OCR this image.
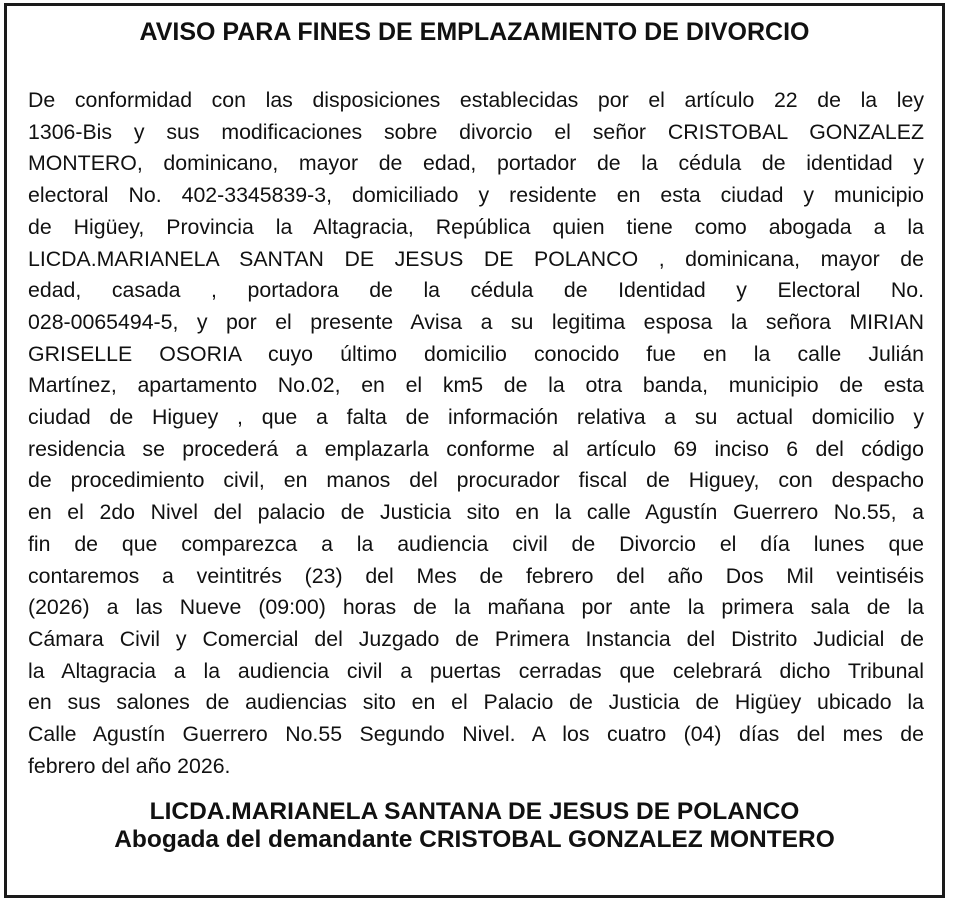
AVISO PARA FINES DE EMPLAZAMIENTO DE DIVORCIO
De conformidad con las disposiciones establecidas por el artículo 22 de la ley
1306-Bis y sus modificaciones sobre divorcio el señor CRISTOBAL GONZALEZ
MONTERO, dominicano, mayor de edad, portador de la cédula de identidad y
electoral No. 402-3345839-3, domiciliado y residente en esta ciudad y municipio
de Higüey, Provincia la Altagracia, República quien tiene como abogada a la
LICDA.MARIANELA SANTAN DE JESUS DE POLANCO , dominicana, mayor de
edad, casada , portadora de la cédula de Identidad y Electoral No.
028-0065494-5, y por el presente Avisa a su legitima esposa la señora MIRIAN
GRISELLE OSORIA cuyo último domicilio conocido fue en la calle Julián
Martínez, apartamento No.02, en el km5 de la otra banda, municipio de esta
ciudad de Higuey , que a falta de información relativa a su actual domicilio y
residencia se procederá a emplazarla conforme al artículo 69 inciso 6 del código
de procedimiento civil, en manos del procurador fiscal de Higuey, con despacho
en el 2do Nivel del palacio de Justicia sito en la calle Agustín Guerrero No.55, a
fin de que comparezca a la audiencia civil de Divorcio el día lunes que
contaremos a veintitrés (23) del Mes de febrero del año Dos Mil veintiséis
(2026) a las Nueve (09:00) horas de la mañana por ante la primera sala de la
Cámara Civil y Comercial del Juzgado de Primera Instancia del Distrito Judicial de
la Altagracia a la audiencia civil a puertas cerradas que celebrará dicho Tribunal
en sus salones de audiencias sito en el Palacio de Justicia de Higüey ubicado la
Calle Agustín Guerrero No.55 Segundo Nivel. A los cuatro (04) días del mes de
febrero del año 2026.
LICDA.MARIANELA SANTANA DE JESUS DE POLANCO
Abogada del demandante CRISTOBAL GONZALEZ MONTERO
